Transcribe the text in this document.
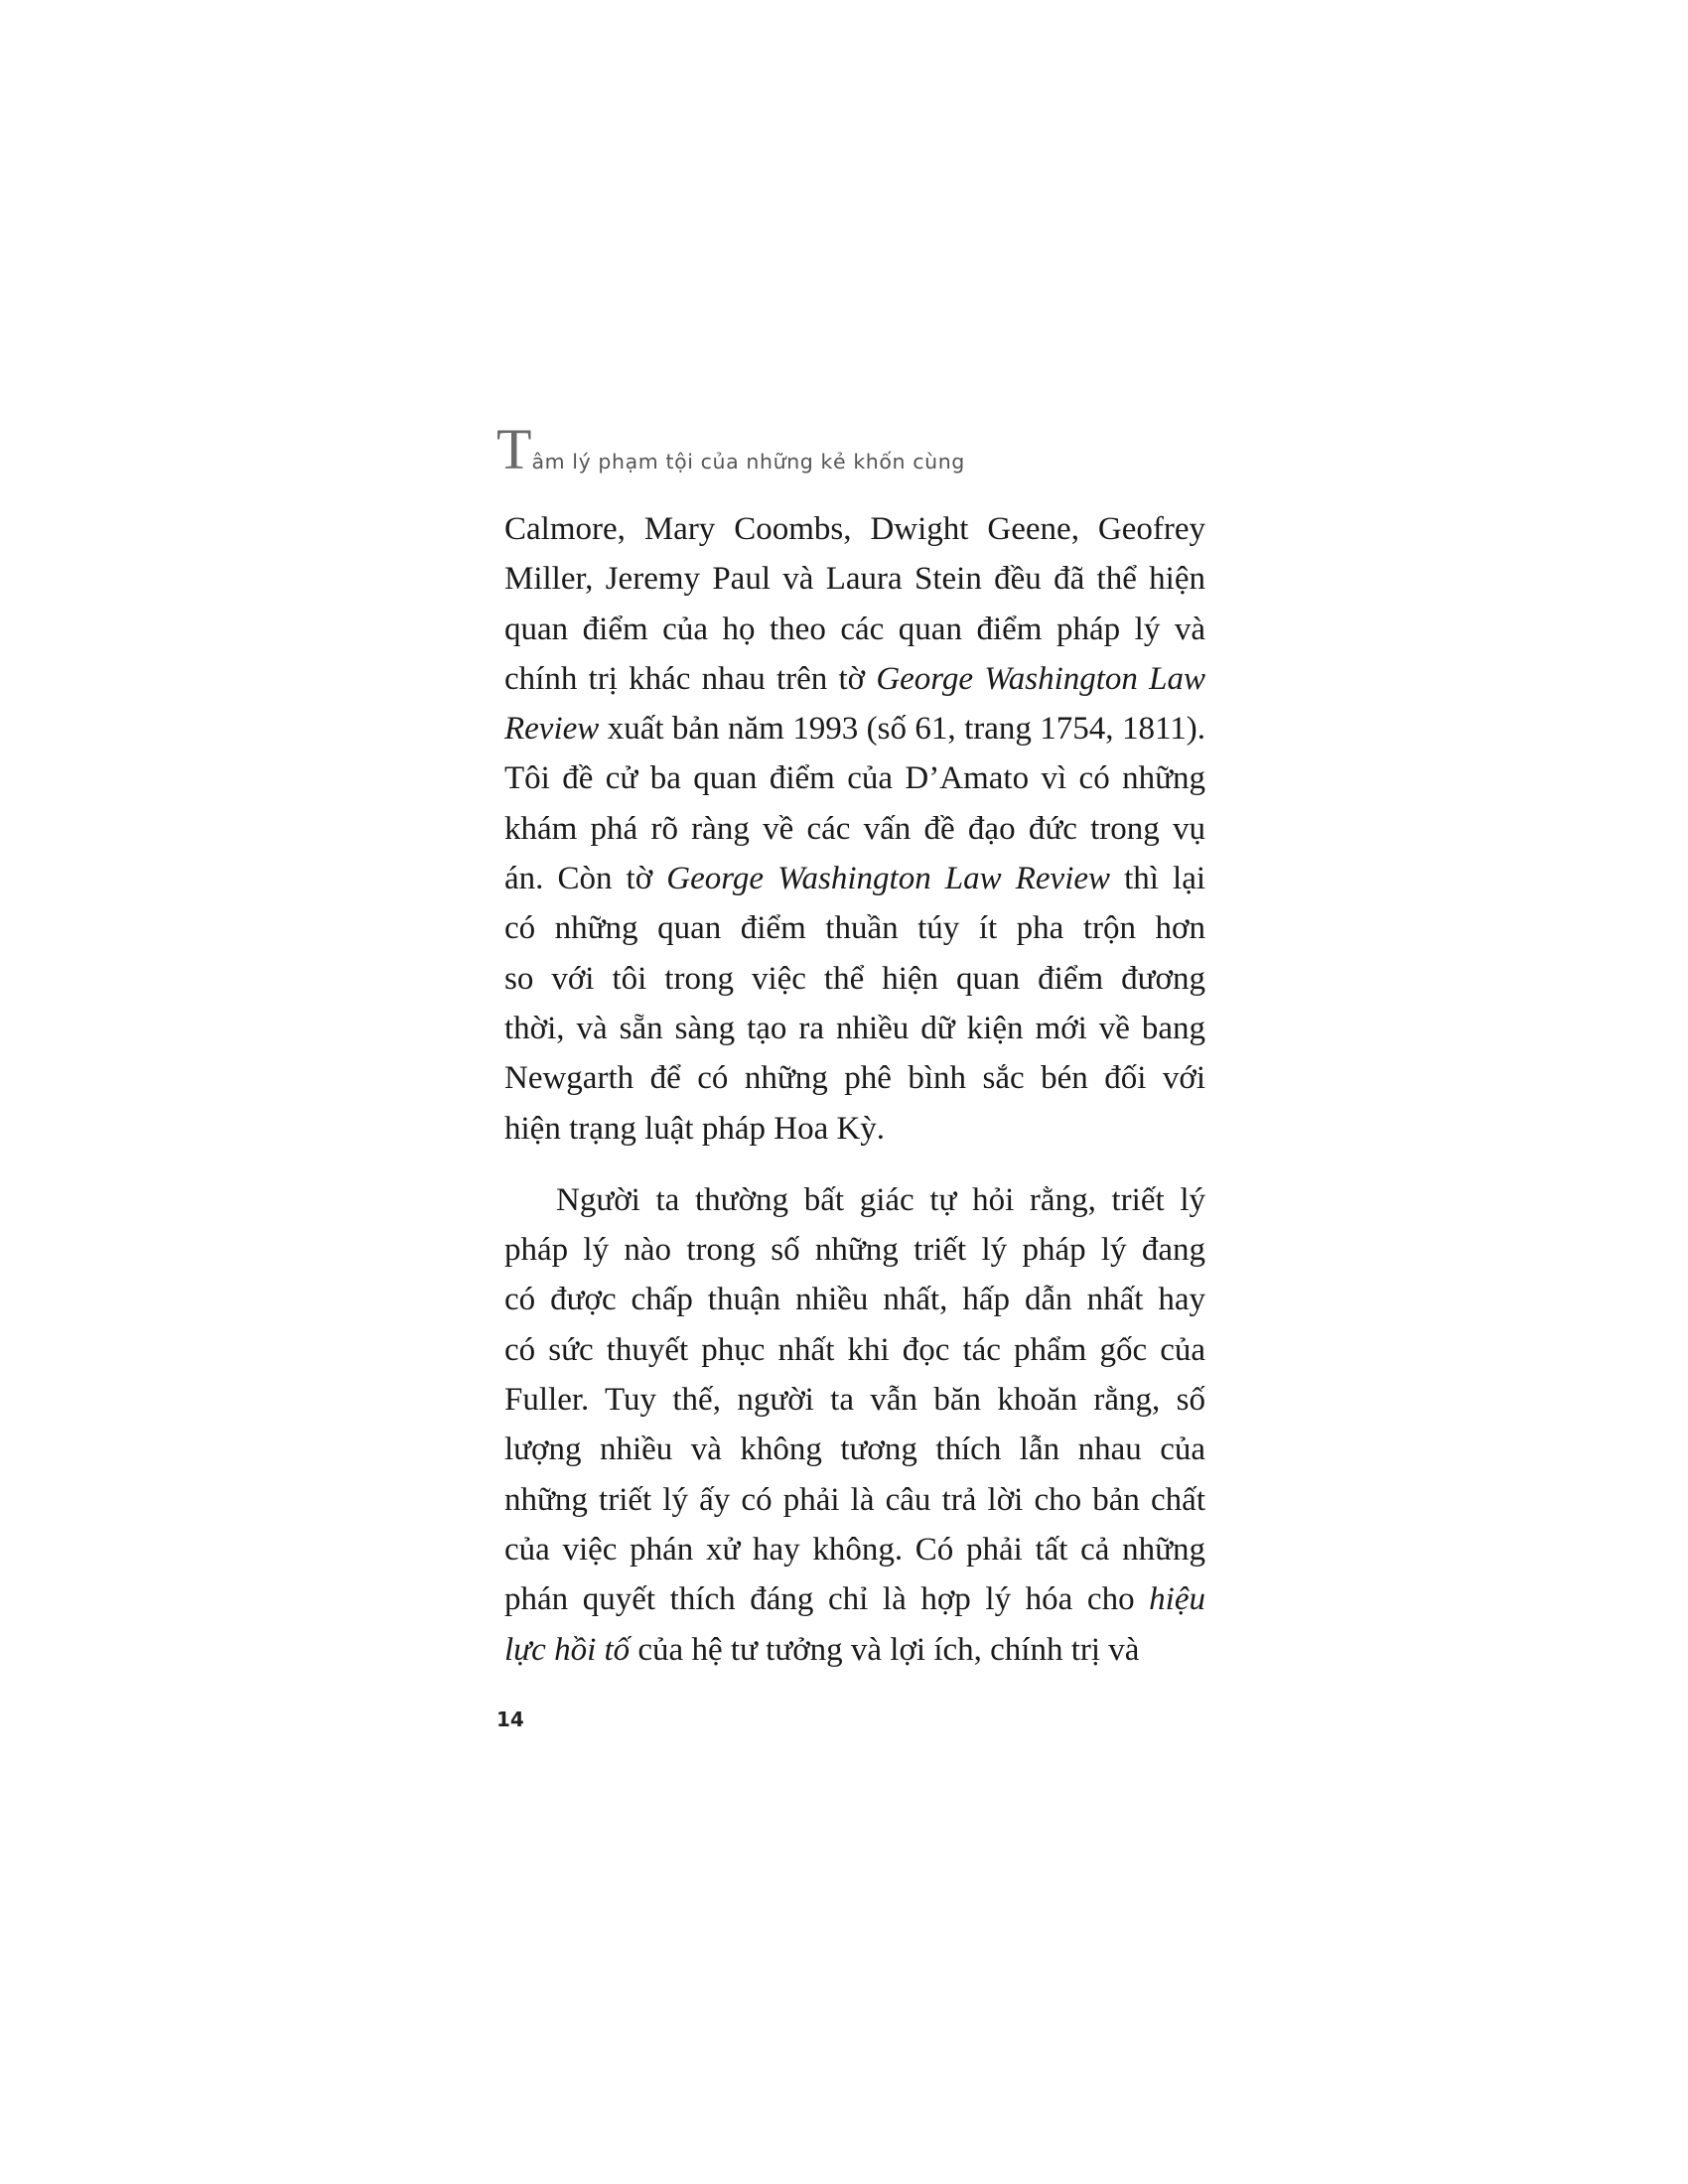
Tâm lý phạm tội của những kẻ khốn cùng

Calmore, Mary Coombs, Dwight Geene, Geofrey
Miller, Jeremy Paul và Laura Stein đều đã thể hiện
quan điểm của họ theo các quan điểm pháp lý và
chính trị khác nhau trên tờ George Washington Law
Review xuất bản năm 1993 (số 61, trang 1754, 1811).
Tôi đề cử ba quan điểm của D’Amato vì có những
khám phá rõ ràng về các vấn đề đạo đức trong vụ
án. Còn tờ George Washington Law Review thì lại
có những quan điểm thuần túy ít pha trộn hơn
so với tôi trong việc thể hiện quan điểm đương
thời, và sẵn sàng tạo ra nhiều dữ kiện mới về bang
Newgarth để có những phê bình sắc bén đối với
hiện trạng luật pháp Hoa Kỳ.

Người ta thường bất giác tự hỏi rằng, triết lý
pháp lý nào trong số những triết lý pháp lý đang
có được chấp thuận nhiều nhất, hấp dẫn nhất hay
có sức thuyết phục nhất khi đọc tác phẩm gốc của
Fuller. Tuy thế, người ta vẫn băn khoăn rằng, số
lượng nhiều và không tương thích lẫn nhau của
những triết lý ấy có phải là câu trả lời cho bản chất
của việc phán xử hay không. Có phải tất cả những
phán quyết thích đáng chỉ là hợp lý hóa cho hiệu
lực hồi tố của hệ tư tưởng và lợi ích, chính trị và

14
